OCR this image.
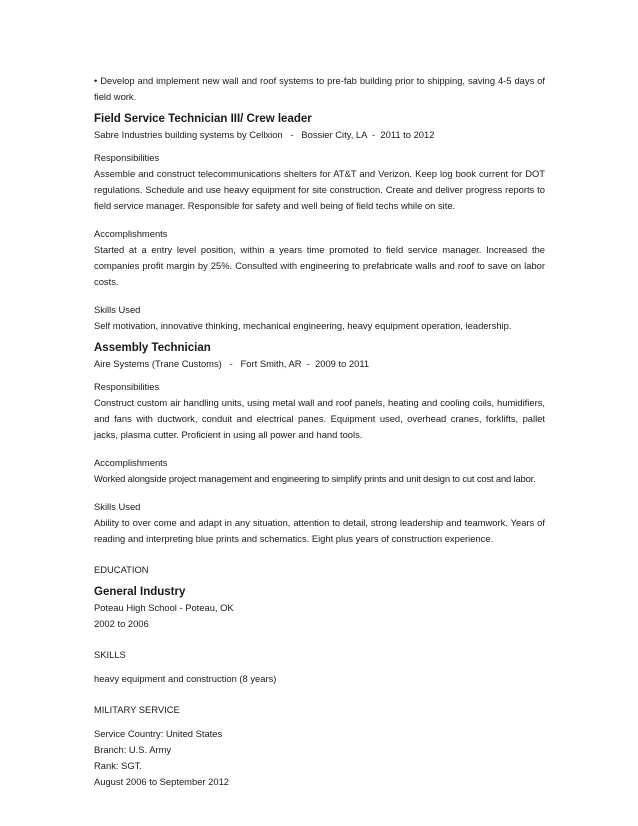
• Develop and implement new wall and roof systems to pre-fab building prior to shipping, saving 4-5 days of field work.

Field Service Technician III/ Crew leader

Sabre Industries building systems by Cellxion   -   Bossier City, LA  -  2011 to 2012

Responsibilities

Assemble and construct telecommunications shelters for AT&T and Verizon. Keep log book current for DOT regulations. Schedule and use heavy equipment for site construction. Create and deliver progress reports to field service manager. Responsible for safety and well being of field techs while on site.

Accomplishments

Started at a entry level position, within a years time promoted to field service manager. Increased the companies profit margin by 25%. Consulted with engineering to prefabricate walls and roof to save on labor costs.

Skills Used

Self motivation, innovative thinking, mechanical engineering, heavy equipment operation, leadership.

Assembly Technician

Aire Systems (Trane Customs)   -   Fort Smith, AR  -  2009 to 2011

Responsibilities

Construct custom air handling units, using metal wall and roof panels, heating and cooling coils, humidifiers, and fans with ductwork, conduit and electrical panes. Equipment used, overhead cranes, forklifts, pallet jacks, plasma cutter. Proficient in using all power and hand tools.

Accomplishments

Worked alongside project management and engineering to simplify prints and unit design to cut cost and labor.

Skills Used

Ability to over come and adapt in any situation, attention to detail, strong leadership and teamwork. Years of reading and interpreting blue prints and schematics. Eight plus years of construction experience.

EDUCATION

General Industry

Poteau High School - Poteau, OK

2002 to 2006

SKILLS

heavy equipment and construction (8 years)

MILITARY SERVICE

Service Country: United States

Branch: U.S. Army

Rank: SGT.

August 2006 to September 2012
